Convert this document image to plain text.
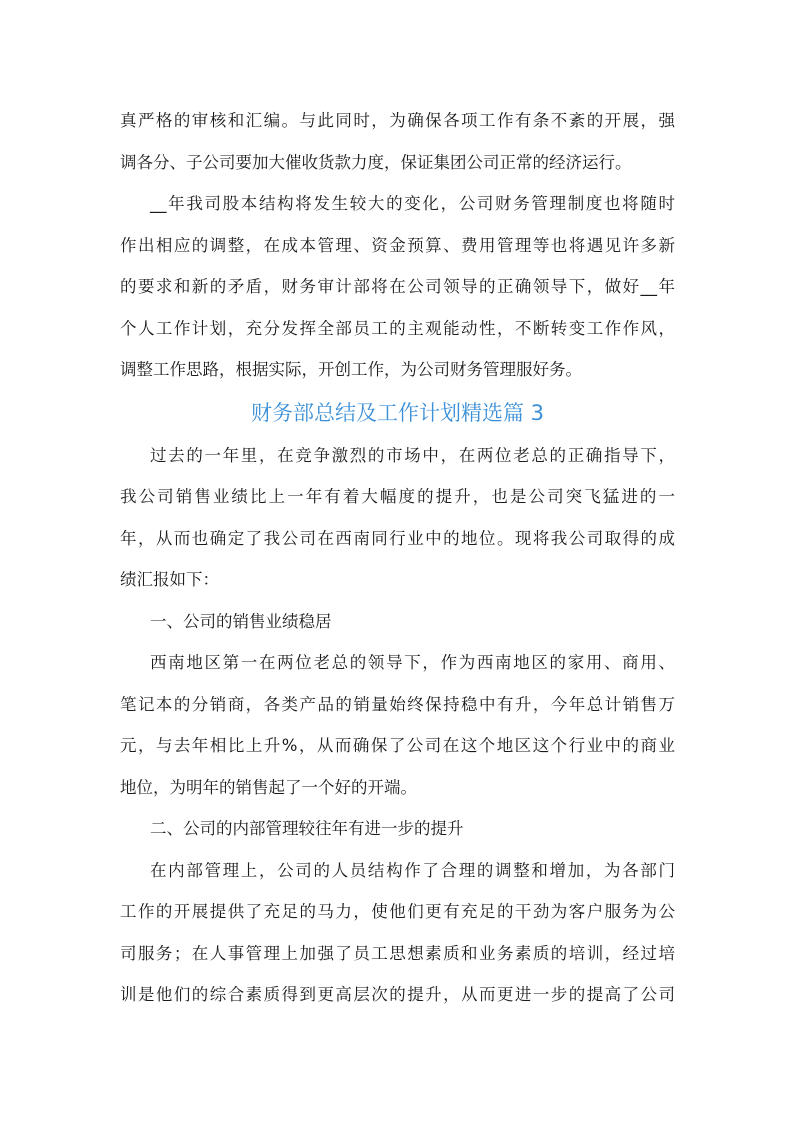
真严格的审核和汇编。与此同时，为确保各项工作有条不紊的开展，强
调各分、子公司要加大催收货款力度，保证集团公司正常的经济运行。
__年我司股本结构将发生较大的变化，公司财务管理制度也将随时
作出相应的调整，在成本管理、资金预算、费用管理等也将遇见许多新
的要求和新的矛盾，财务审计部将在公司领导的正确领导下，做好__年
个人工作计划，充分发挥全部员工的主观能动性，不断转变工作作风，
调整工作思路，根据实际，开创工作，为公司财务管理服好务。
财务部总结及工作计划精选篇 3
过去的一年里，在竞争激烈的市场中，在两位老总的正确指导下，
我公司销售业绩比上一年有着大幅度的提升，也是公司突飞猛进的一
年，从而也确定了我公司在西南同行业中的地位。现将我公司取得的成
绩汇报如下：
一、公司的销售业绩稳居
西南地区第一在两位老总的领导下，作为西南地区的家用、商用、
笔记本的分销商，各类产品的销量始终保持稳中有升，今年总计销售万
元，与去年相比上升%，从而确保了公司在这个地区这个行业中的商业
地位，为明年的销售起了一个好的开端。
二、公司的内部管理较往年有进一步的提升
在内部管理上，公司的人员结构作了合理的调整和增加，为各部门
工作的开展提供了充足的马力，使他们更有充足的干劲为客户服务为公
司服务；在人事管理上加强了员工思想素质和业务素质的培训，经过培
训是他们的综合素质得到更高层次的提升，从而更进一步的提高了公司
